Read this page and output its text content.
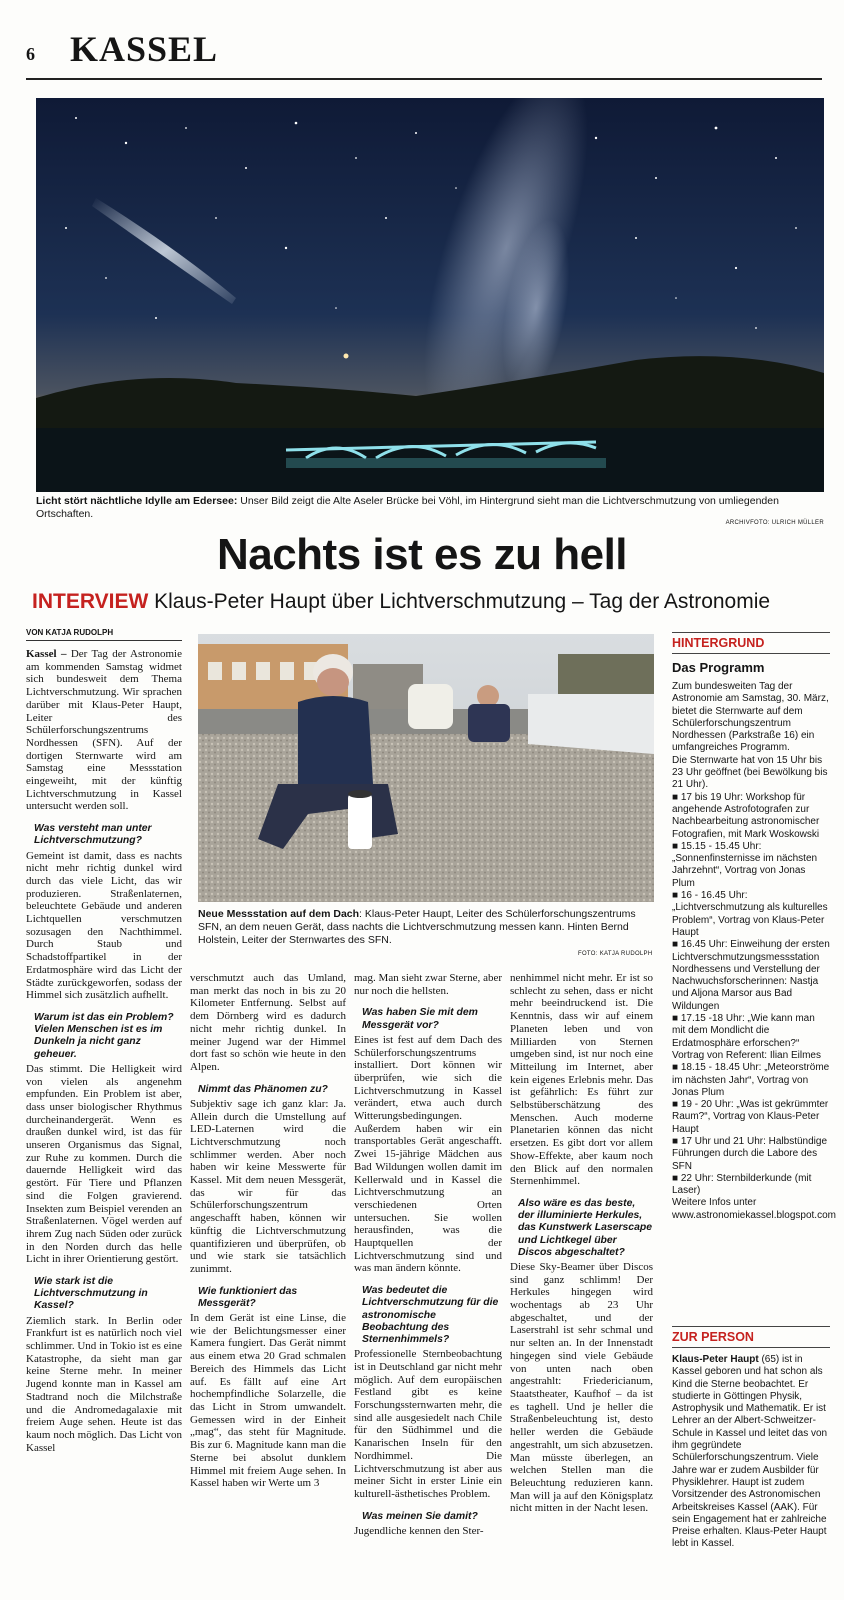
6 KASSEL
Licht stört nächtliche Idylle am Edersee: Unser Bild zeigt die Alte Aseler Brücke bei Vöhl, im Hintergrund sieht man die Lichtverschmutzung von umliegenden Ortschaften.
ARCHIVFOTO: ULRICH MÜLLER
Nachts ist es zu hell
INTERVIEW Klaus-Peter Haupt über Lichtverschmutzung – Tag der Astronomie
VON KATJA RUDOLPH

Kassel – Der Tag der Astronomie am kommenden Samstag widmet sich bundesweit dem Thema Lichtverschmutzung. Wir sprachen darüber mit Klaus-Peter Haupt, Leiter des Schülerforschungszentrums Nordhessen (SFN). Auf der dortigen Sternwarte wird am Samstag eine Messstation eingeweiht, mit der künftig Lichtverschmutzung in Kassel untersucht werden soll.

Was versteht man unter Lichtverschmutzung?

Gemeint ist damit, dass es nachts nicht mehr richtig dunkel wird durch das viele Licht, das wir produzieren. Straßenlaternen, beleuchtete Gebäude und anderen Lichtquellen verschmutzen sozusagen den Nachthimmel. Durch Staub und Schadstoffpartikel in der Erdatmosphäre wird das Licht der Städte zurückgeworfen, sodass der Himmel sich zusätzlich aufhellt.

Warum ist das ein Problem? Vielen Menschen ist es im Dunkeln ja nicht ganz geheuer.

Das stimmt. Die Helligkeit wird von vielen als angenehm empfunden. Ein Problem ist aber, dass unser biologischer Rhythmus durcheinandergerät. Wenn es draußen dunkel wird, ist das für unseren Organismus das Signal, zur Ruhe zu kommen. Durch die dauernde Helligkeit wird das gestört. Für Tiere und Pflanzen sind die Folgen gravierend. Insekten zum Beispiel verenden an Straßenlaternen. Vögel werden auf ihrem Zug nach Süden oder zurück in den Norden durch das helle Licht in ihrer Orientierung gestört.

Wie stark ist die Lichtverschmutzung in Kassel?

Ziemlich stark. In Berlin oder Frankfurt ist es natürlich noch viel schlimmer. Und in Tokio ist es eine Katastrophe, da sieht man gar keine Sterne mehr. In meiner Jugend konnte man in Kassel am Stadtrand noch die Milchstraße und die Andromedagalaxie mit freiem Auge sehen. Heute ist das kaum noch möglich. Das Licht von Kassel

Neue Messstation auf dem Dach: Klaus-Peter Haupt, Leiter des Schülerforschungszentrums SFN, an dem neuen Gerät, dass nachts die Lichtverschmutzung messen kann. Hinten Bernd Holstein, Leiter der Sternwartes des SFN.
FOTO: KATJA RUDOLPH

verschmutzt auch das Umland, man merkt das noch in bis zu 20 Kilometer Entfernung. Selbst auf dem Dörnberg wird es dadurch nicht mehr richtig dunkel. In meiner Jugend war der Himmel dort fast so schön wie heute in den Alpen.

Nimmt das Phänomen zu?

Subjektiv sage ich ganz klar: Ja. Allein durch die Umstellung auf LED-Laternen wird die Lichtverschmutzung noch schlimmer werden. Aber noch haben wir keine Messwerte für Kassel. Mit dem neuen Messgerät, das wir für das Schülerforschungszentrum angeschafft haben, können wir künftig die Lichtverschmutzung quantifizieren und überprüfen, ob und wie stark sie tatsächlich zunimmt.

Wie funktioniert das Messgerät?

In dem Gerät ist eine Linse, die wie der Belichtungsmesser einer Kamera fungiert. Das Gerät nimmt aus einem etwa 20 Grad schmalen Bereich des Himmels das Licht auf. Es fällt auf eine Art hochempfindliche Solarzelle, die das Licht in Strom umwandelt. Gemessen wird in der Einheit „mag“, das steht für Magnitude. Bis zur 6. Magnitude kann man die Sterne bei absolut dunklem Himmel mit freiem Auge sehen. In Kassel haben wir Werte um 3

mag. Man sieht zwar Sterne, aber nur noch die hellsten.

Was haben Sie mit dem Messgerät vor?

Eines ist fest auf dem Dach des Schülerforschungszentrums installiert. Dort können wir überprüfen, wie sich die Lichtverschmutzung in Kassel verändert, etwa auch durch Witterungsbedingungen. Außerdem haben wir ein transportables Gerät angeschafft. Zwei 15-jährige Mädchen aus Bad Wildungen wollen damit im Kellerwald und in Kassel die Lichtverschmutzung an verschiedenen Orten untersuchen. Sie wollen herausfinden, was die Hauptquellen der Lichtverschmutzung sind und was man ändern könnte.

Was bedeutet die Lichtverschmutzung für die astronomische Beobachtung des Sternenhimmels?

Professionelle Sternbeobachtung ist in Deutschland gar nicht mehr möglich. Auf dem europäischen Festland gibt es keine Forschungssternwarten mehr, die sind alle ausgesiedelt nach Chile für den Südhimmel und die Kanarischen Inseln für den Nordhimmel. Die Lichtverschmutzung ist aber aus meiner Sicht in erster Linie ein kulturell-ästhetisches Problem.

Was meinen Sie damit?

Jugendliche kennen den Ster-

nenhimmel nicht mehr. Er ist so schlecht zu sehen, dass er nicht mehr beeindruckend ist. Die Kenntnis, dass wir auf einem Planeten leben und von Milliarden von Sternen umgeben sind, ist nur noch eine Mitteilung im Internet, aber kein eigenes Erlebnis mehr. Das ist gefährlich: Es führt zur Selbstüberschätzung des Menschen. Auch moderne Planetarien können das nicht ersetzen. Es gibt dort vor allem Show-Effekte, aber kaum noch den Blick auf den normalen Sternenhimmel.

Also wäre es das beste, der illuminierte Herkules, das Kunstwerk Laserscape und Lichtkegel über Discos abgeschaltet?

Diese Sky-Beamer über Discos sind ganz schlimm! Der Herkules hingegen wird wochentags ab 23 Uhr abgeschaltet, und der Laserstrahl ist sehr schmal und nur selten an. In der Innenstadt hingegen sind viele Gebäude von unten nach oben angestrahlt: Friedericianum, Staatstheater, Kaufhof – da ist es taghell. Und je heller die Straßenbeleuchtung ist, desto heller werden die Gebäude angestrahlt, um sich abzusetzen. Man müsste überlegen, an welchen Stellen man die Beleuchtung reduzieren kann. Man will ja auf den Königsplatz nicht mitten in der Nacht lesen.

HINTERGRUND
Das Programm

Zum bundesweiten Tag der Astronomie am Samstag, 30. März, bietet die Sternwarte auf dem Schülerforschungszentrum Nordhessen (Parkstraße 16) ein umfangreiches Programm.

Die Sternwarte hat von 15 Uhr bis 23 Uhr geöffnet (bei Bewölkung bis 21 Uhr).

■ 17 bis 19 Uhr: Workshop für angehende Astrofotografen zur Nachbearbeitung astronomischer Fotografien, mit Mark Woskowski

■ 15.15 - 15.45 Uhr: „Sonnenfinsternisse im nächsten Jahrzehnt“, Vortrag von Jonas Plum

■ 16 - 16.45 Uhr: „Lichtverschmutzung als kulturelles Problem“, Vortrag von Klaus-Peter Haupt

■ 16.45 Uhr: Einweihung der ersten Lichtverschmutzungsmessstation Nordhessens und Verstellung der Nachwuchsforscherinnen: Nastja und Aljona Marsor aus Bad Wildungen

■ 17.15 -18 Uhr: „Wie kann man mit dem Mondlicht die Erdatmosphäre erforschen?“ Vortrag von Referent: Ilian Eilmes

■ 18.15 - 18.45 Uhr: „Meteorströme im nächsten Jahr“, Vortrag von Jonas Plum

■ 19 - 20 Uhr: „Was ist gekrümmter Raum?“, Vortrag von Klaus-Peter Haupt

■ 17 Uhr und 21 Uhr: Halbstündige Führungen durch die Labore des SFN

■ 22 Uhr: Sternbilderkunde (mit Laser)

Weitere Infos unter www.astronomiekassel.blogspot.com

ZUR PERSON

Klaus-Peter Haupt (65) ist in Kassel geboren und hat schon als Kind die Sterne beobachtet. Er studierte in Göttingen Physik, Astrophysik und Mathematik. Er ist Lehrer an der Albert-Schweitzer-Schule in Kassel und leitet das von ihm gegründete Schülerforschungszentrum. Viele Jahre war er zudem Ausbilder für Physiklehrer. Haupt ist zudem Vorsitzender des Astronomischen Arbeitskreises Kassel (AAK). Für sein Engagement hat er zahlreiche Preise erhalten. Klaus-Peter Haupt lebt in Kassel.
